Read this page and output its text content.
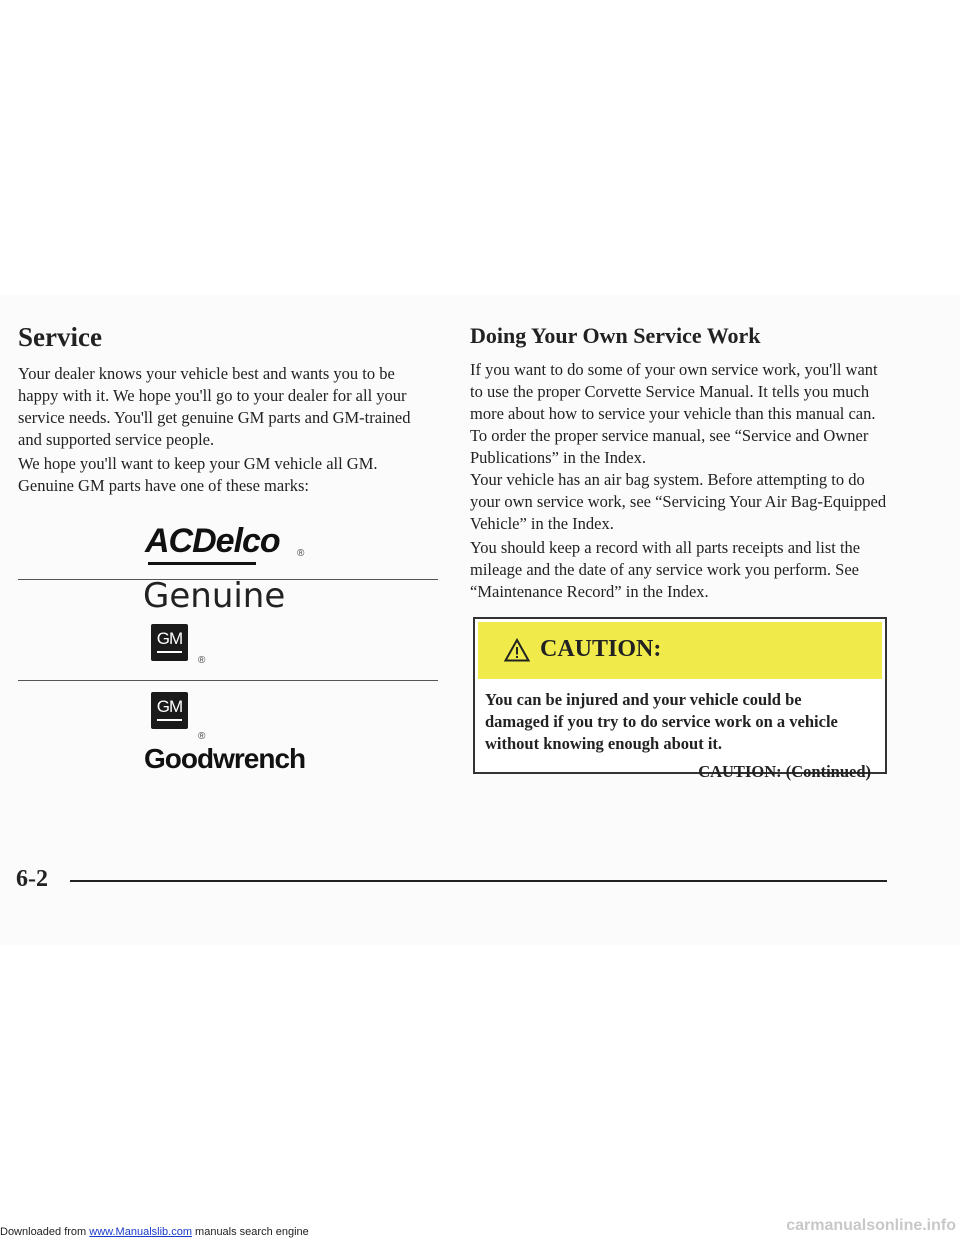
Service

Your dealer knows your vehicle best and wants you to be happy with it. We hope you'll go to your dealer for all your service needs. You'll get genuine GM parts and GM-trained and supported service people.

We hope you'll want to keep your GM vehicle all GM. Genuine GM parts have one of these marks:

ACDelco ®
Genuine
GM
®
GM
®
Goodwrench
Doing Your Own Service Work

If you want to do some of your own service work, you'll want to use the proper Corvette Service Manual. It tells you much more about how to service your vehicle than this manual can. To order the proper service manual, see “Service and Owner Publications” in the Index.

Your vehicle has an air bag system. Before attempting to do your own service work, see “Servicing Your Air Bag-Equipped Vehicle” in the Index.

You should keep a record with all parts receipts and list the mileage and the date of any service work you perform. See “Maintenance Record” in the Index.

CAUTION:

You can be injured and your vehicle could be damaged if you try to do service work on a vehicle without knowing enough about it.

CAUTION: (Continued)
6-2
Downloaded from www.Manualslib.com manuals search engine	carmanualsonline.info
